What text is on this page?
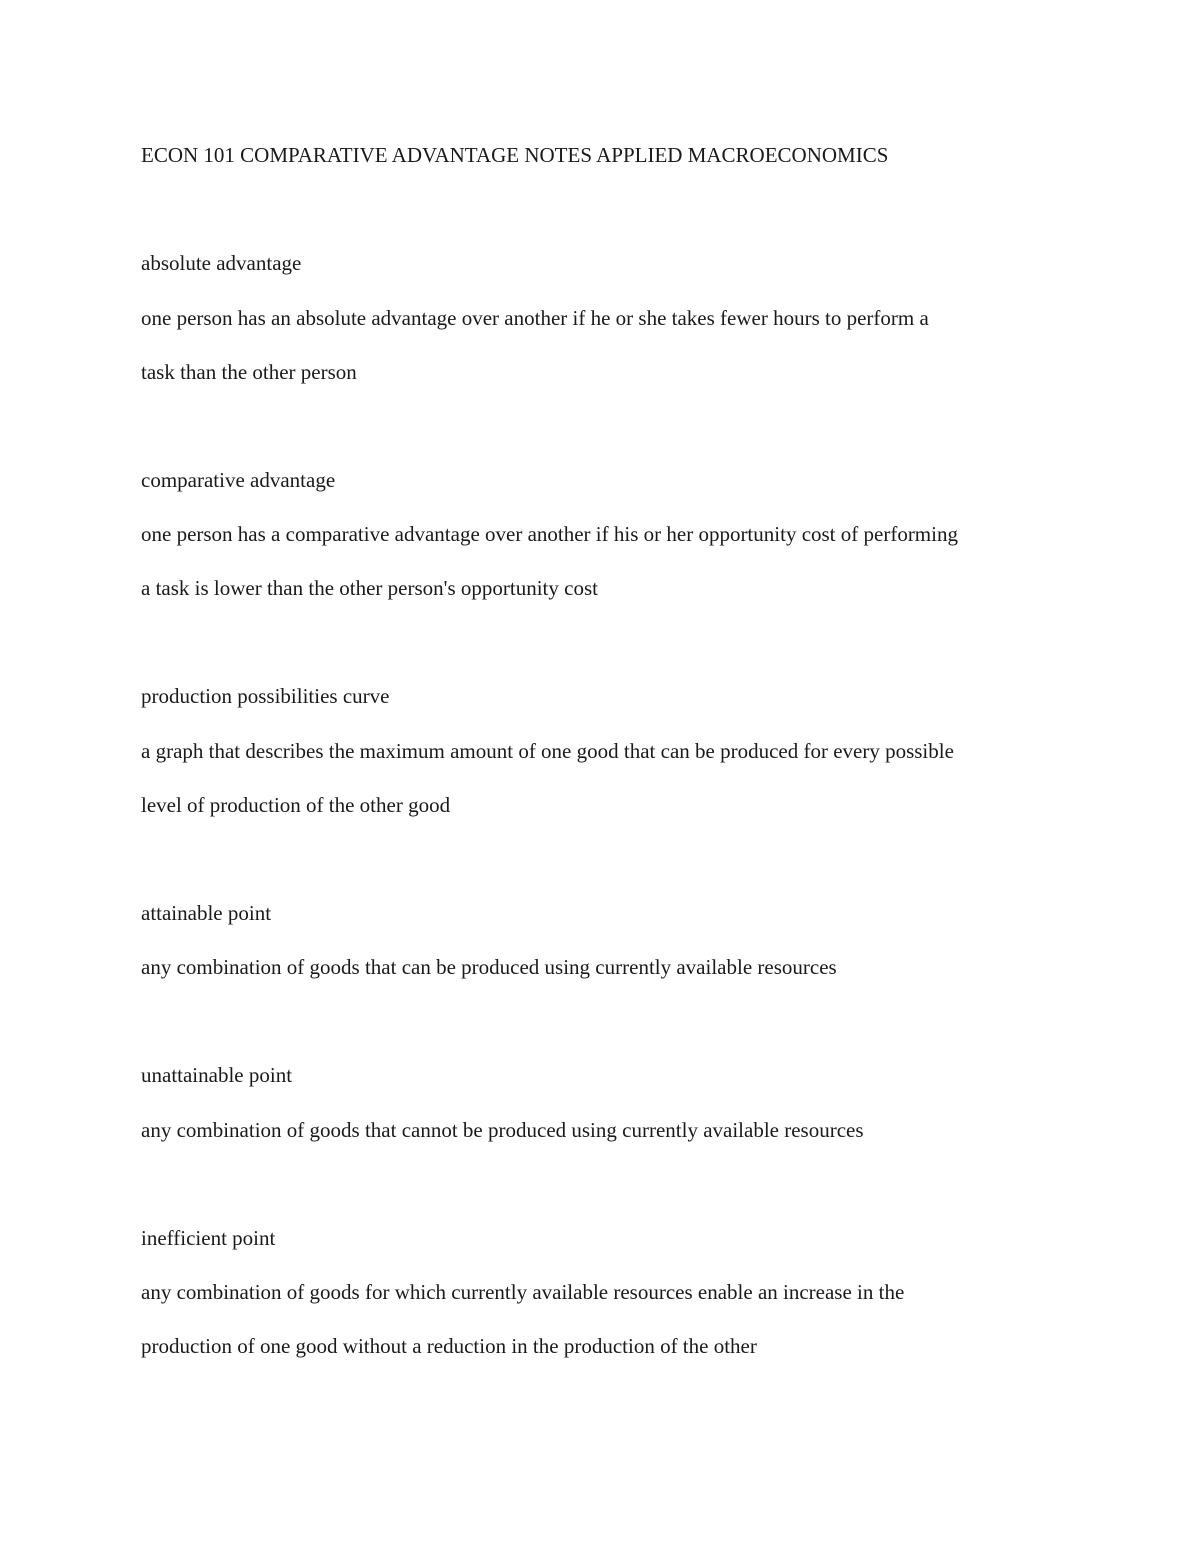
ECON 101 COMPARATIVE ADVANTAGE NOTES APPLIED MACROECONOMICS

absolute advantage

one person has an absolute advantage over another if he or she takes fewer hours to perform a

task than the other person

comparative advantage

one person has a comparative advantage over another if his or her opportunity cost of performing

a task is lower than the other person's opportunity cost

production possibilities curve

a graph that describes the maximum amount of one good that can be produced for every possible

level of production of the other good

attainable point

any combination of goods that can be produced using currently available resources

unattainable point

any combination of goods that cannot be produced using currently available resources

inefficient point

any combination of goods for which currently available resources enable an increase in the

production of one good without a reduction in the production of the other
